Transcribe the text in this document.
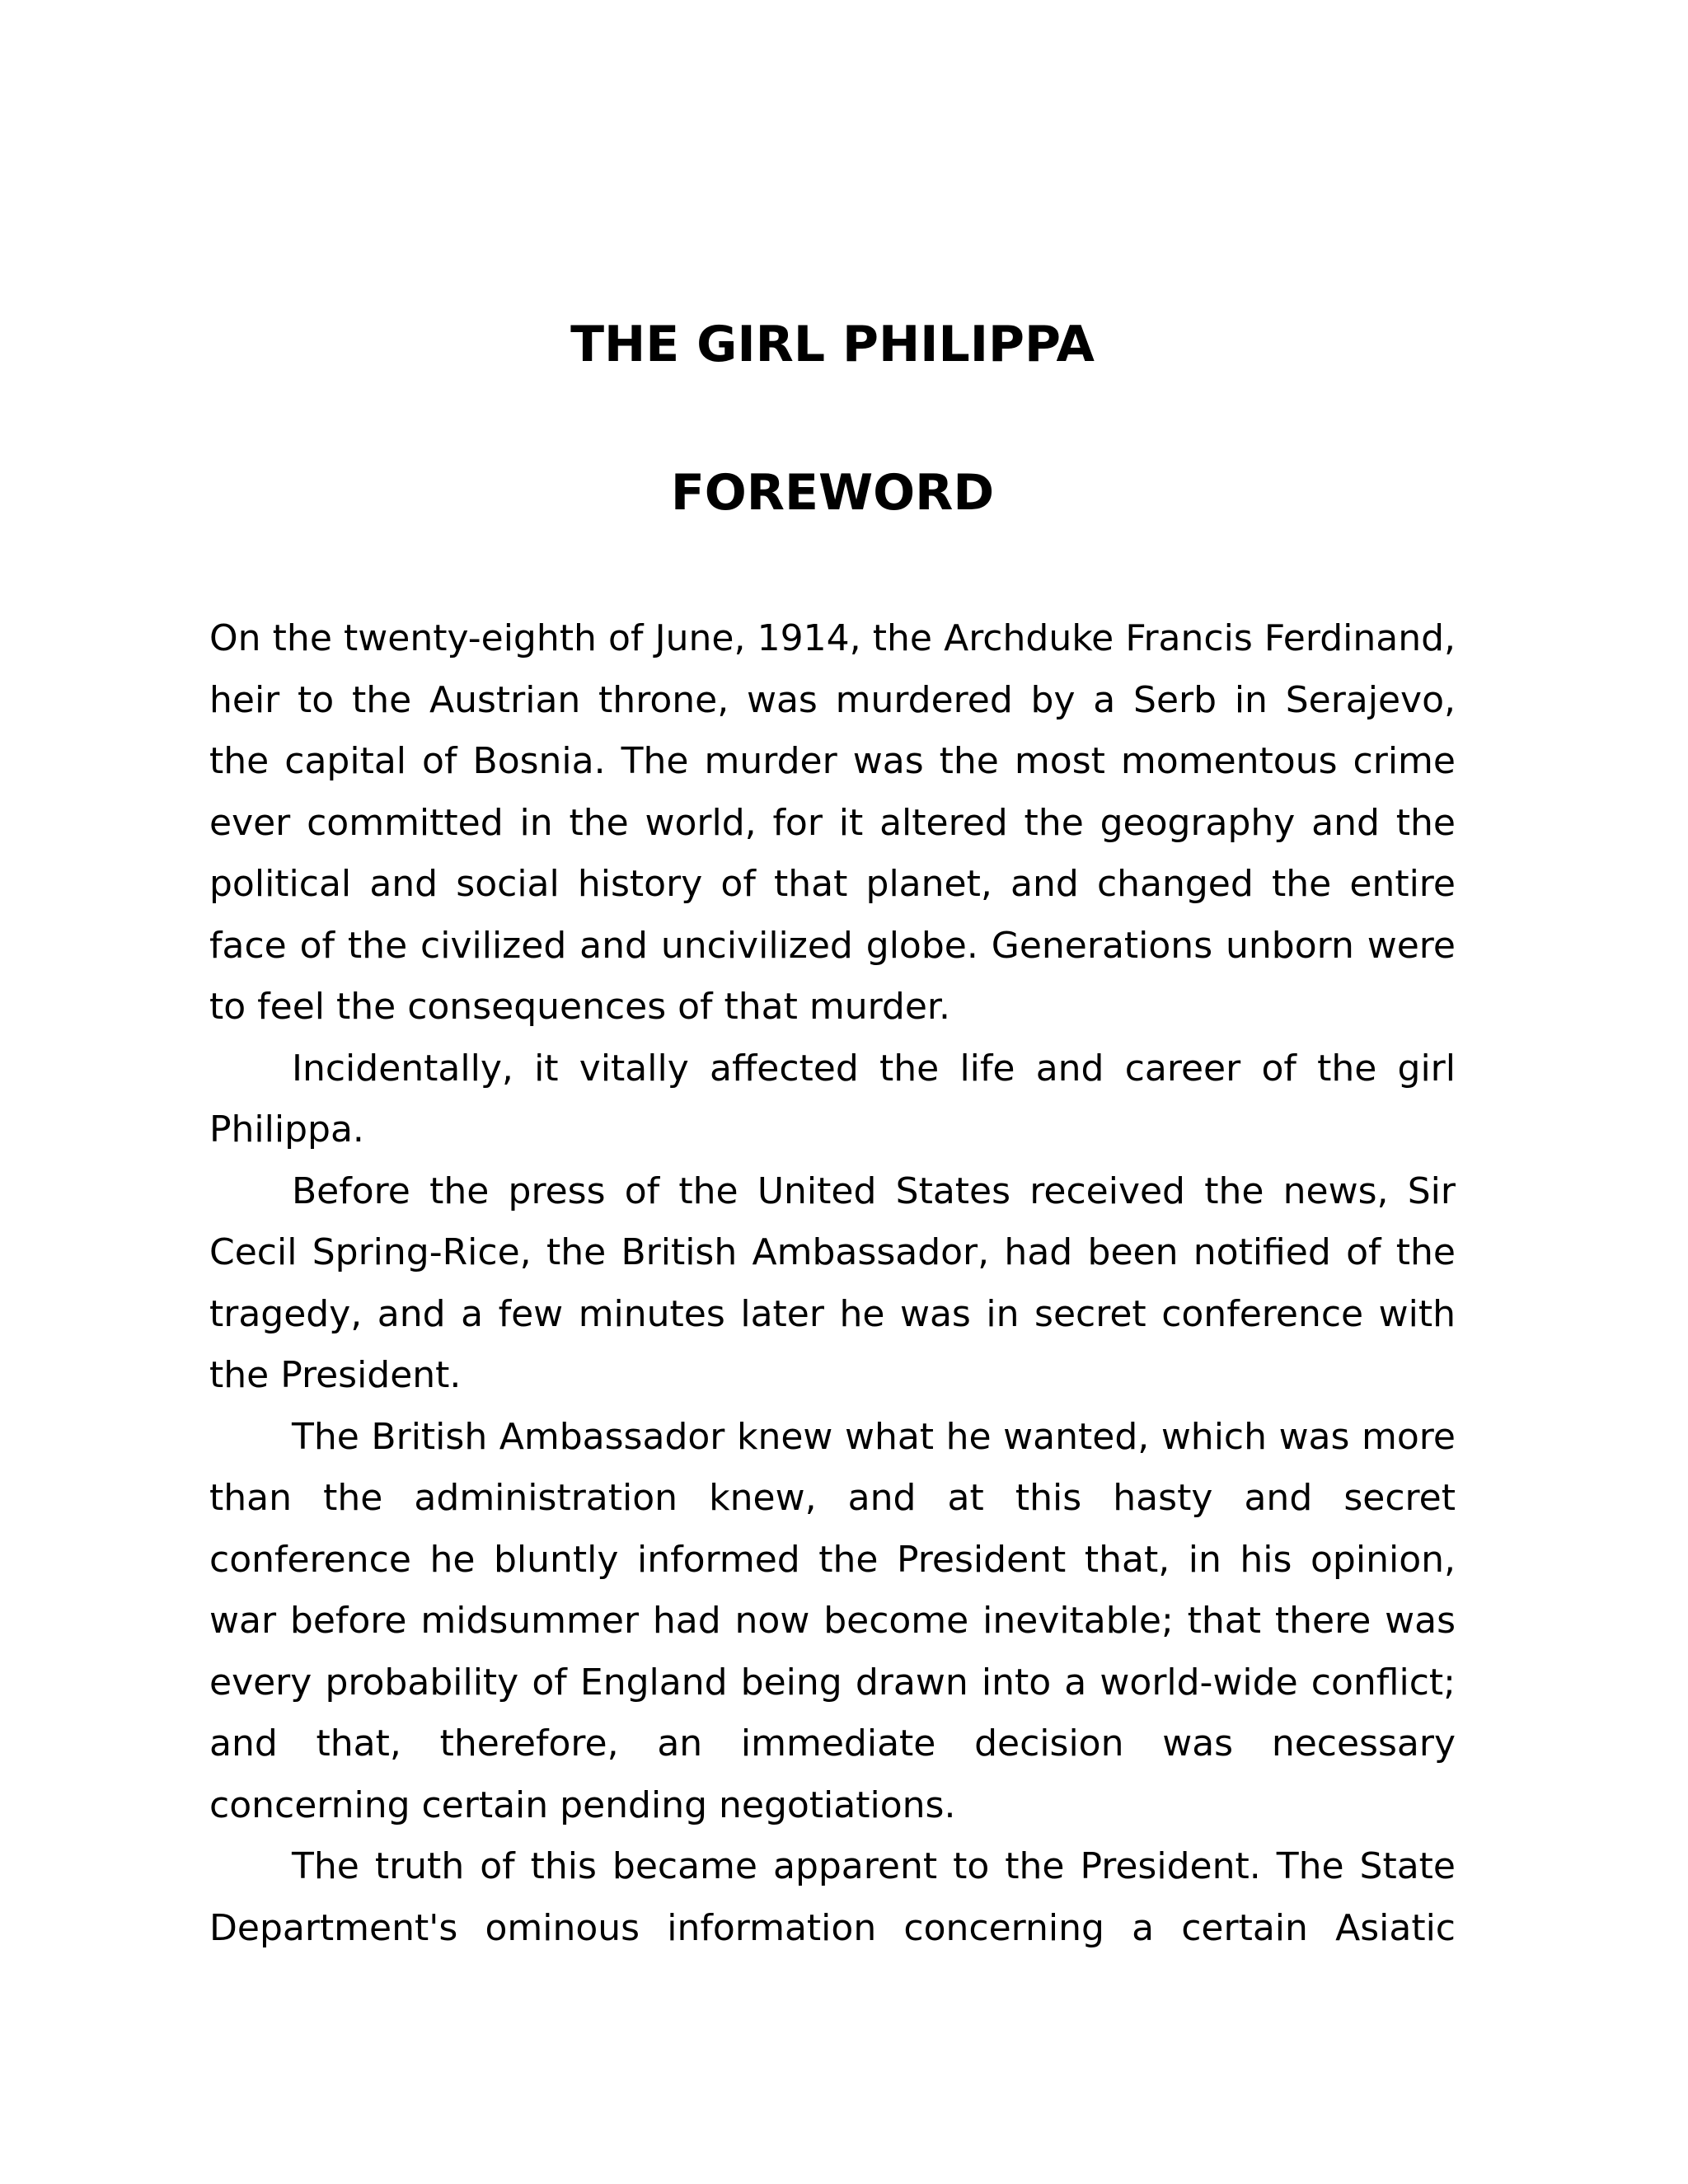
THE GIRL PHILIPPA
FOREWORD

On the twenty-eighth of June, 1914, the Archduke Francis Ferdinand, heir to the Austrian throne, was murdered by a Serb in Serajevo, the capital of Bosnia. The murder was the most momentous crime ever committed in the world, for it altered the geography and the political and social history of that planet, and changed the entire face of the civilized and uncivilized globe. Generations unborn were to feel the consequences of that murder.

Incidentally, it vitally affected the life and career of the girl Philippa.

Before the press of the United States received the news, Sir Cecil Spring-Rice, the British Ambassador, had been notified of the tragedy, and a few minutes later he was in secret conference with the President.

The British Ambassador knew what he wanted, which was more than the administration knew, and at this hasty and secret conference he bluntly informed the President that, in his opinion, war before midsummer had now become inevitable; that there was every probability of England being drawn into a world-wide conflict; and that, therefore, an immediate decision was necessary concerning certain pending negotiations.

The truth of this became apparent to the President. The State Department's ominous information concerning a certain Asiatic
